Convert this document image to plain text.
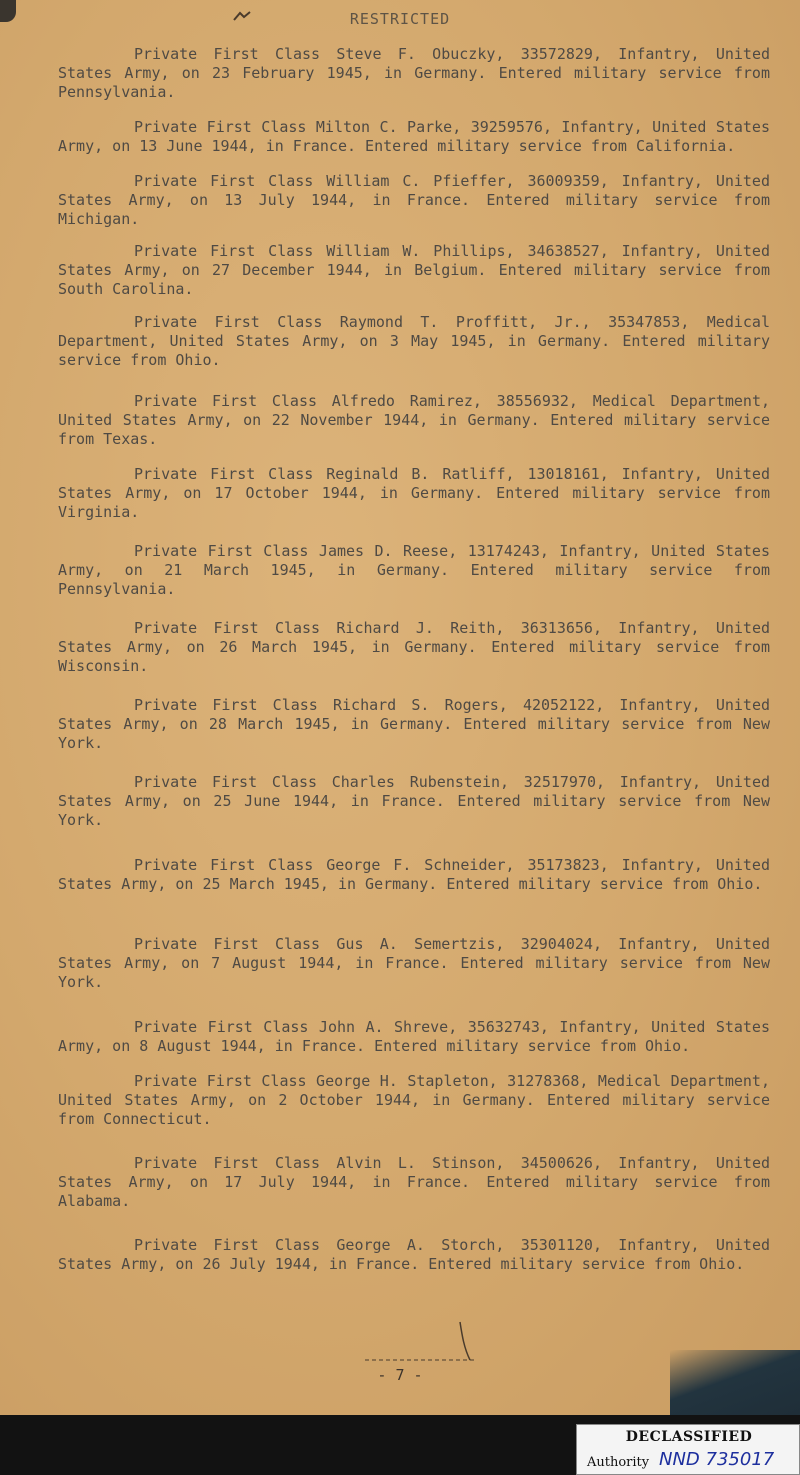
RESTRICTED

Private First Class Steve F. Obuczky, 33572829, Infantry, United States Army, on 23 February 1945, in Germany. Entered military service from Pennsylvania.

Private First Class Milton C. Parke, 39259576, Infantry, United States Army, on 13 June 1944, in France. Entered military service from California.

Private First Class William C. Pfieffer, 36009359, Infantry, United States Army, on 13 July 1944, in France. Entered military service from Michigan.

Private First Class William W. Phillips, 34638527, Infantry, United States Army, on 27 December 1944, in Belgium. Entered military service from South Carolina.

Private First Class Raymond T. Proffitt, Jr., 35347853, Medical Department, United States Army, on 3 May 1945, in Germany. Entered military service from Ohio.

Private First Class Alfredo Ramirez, 38556932, Medical Department, United States Army, on 22 November 1944, in Germany. Entered military service from Texas.

Private First Class Reginald B. Ratliff, 13018161, Infantry, United States Army, on 17 October 1944, in Germany. Entered military service from Virginia.

Private First Class James D. Reese, 13174243, Infantry, United States Army, on 21 March 1945, in Germany. Entered military service from Pennsylvania.

Private First Class Richard J. Reith, 36313656, Infantry, United States Army, on 26 March 1945, in Germany. Entered military service from Wisconsin.

Private First Class Richard S. Rogers, 42052122, Infantry, United States Army, on 28 March 1945, in Germany. Entered military service from New York.

Private First Class Charles Rubenstein, 32517970, Infantry, United States Army, on 25 June 1944, in France. Entered military service from New York.

Private First Class George F. Schneider, 35173823, Infantry, United States Army, on 25 March 1945, in Germany. Entered military service from Ohio.

Private First Class Gus A. Semertzis, 32904024, Infantry, United States Army, on 7 August 1944, in France. Entered military service from New York.

Private First Class John A. Shreve, 35632743, Infantry, United States Army, on 8 August 1944, in France. Entered military service from Ohio.

Private First Class George H. Stapleton, 31278368, Medical Department, United States Army, on 2 October 1944, in Germany. Entered military service from Connecticut.

Private First Class Alvin L. Stinson, 34500626, Infantry, United States Army, on 17 July 1944, in France. Entered military service from Alabama.

Private First Class George A. Storch, 35301120, Infantry, United States Army, on 26 July 1944, in France. Entered military service from Ohio.

- 7 -
DECLASSIFIED
Authority NND 735017
